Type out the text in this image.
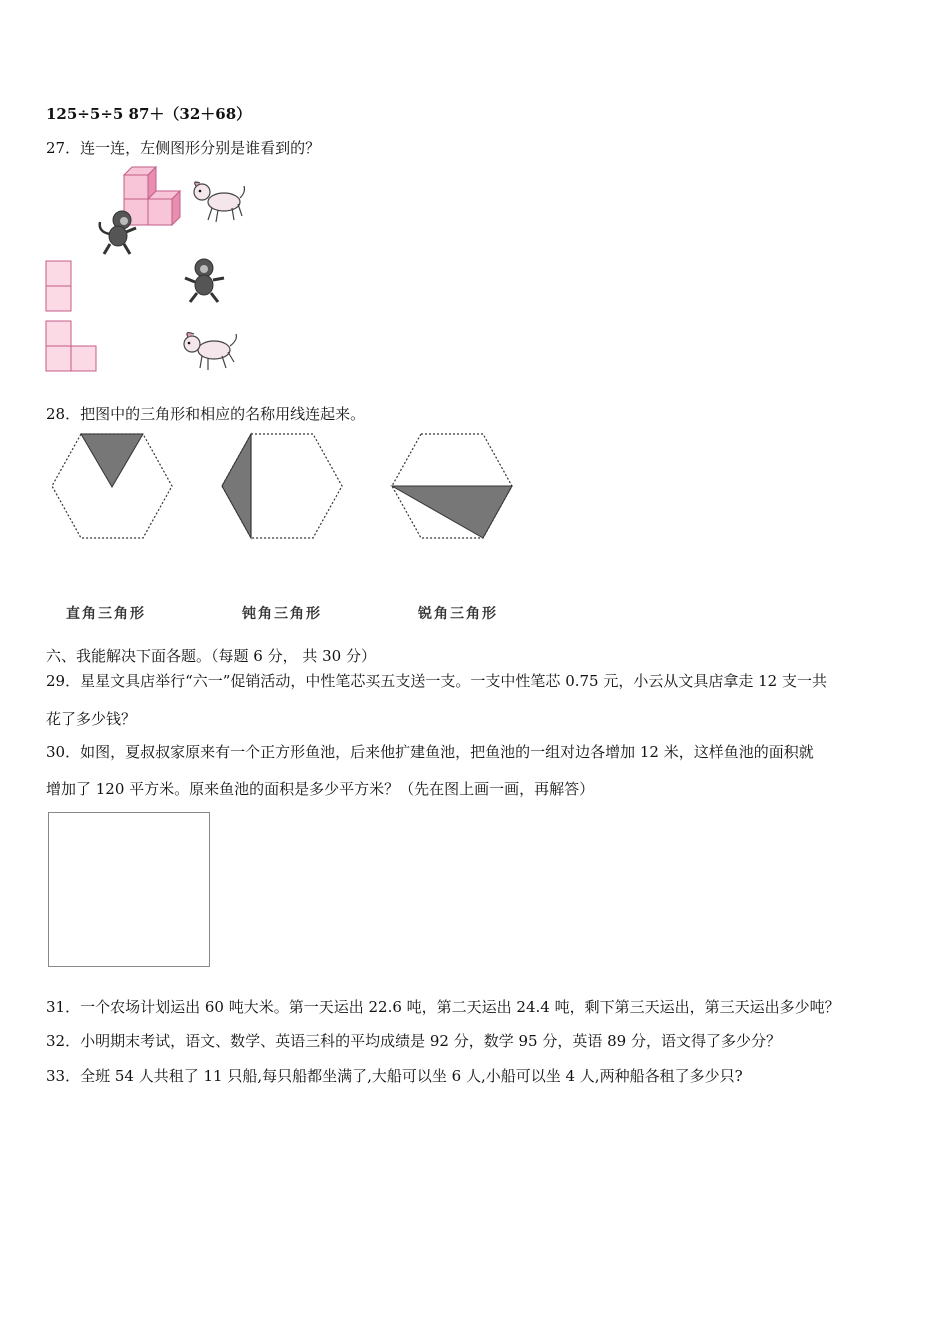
125÷5÷5 87＋（32＋68）
27．连一连，左侧图形分别是谁看到的？
28．把图中的三角形和相应的名称用线连起来。
直角三角形	钝角三角形	锐角三角形
六、我能解决下面各题。（每题 6 分， 共 30 分）
29．星星文具店举行“六一”促销活动，中性笔芯买五支送一支。一支中性笔芯 0.75 元，小云从文具店拿走 12 支一共
花了多少钱？
30．如图，夏叔叔家原来有一个正方形鱼池，后来他扩建鱼池，把鱼池的一组对边各增加 12 米，这样鱼池的面积就
增加了 120 平方米。原来鱼池的面积是多少平方米？（先在图上画一画，再解答）
31．一个农场计划运出 60 吨大米。第一天运出 22.6 吨，第二天运出 24.4 吨，剩下第三天运出，第三天运出多少吨？
32．小明期末考试，语文、数学、英语三科的平均成绩是 92 分，数学 95 分，英语 89 分，语文得了多少分？
33．全班 54 人共租了 11 只船,每只船都坐满了,大船可以坐 6 人,小船可以坐 4 人,两种船各租了多少只?
